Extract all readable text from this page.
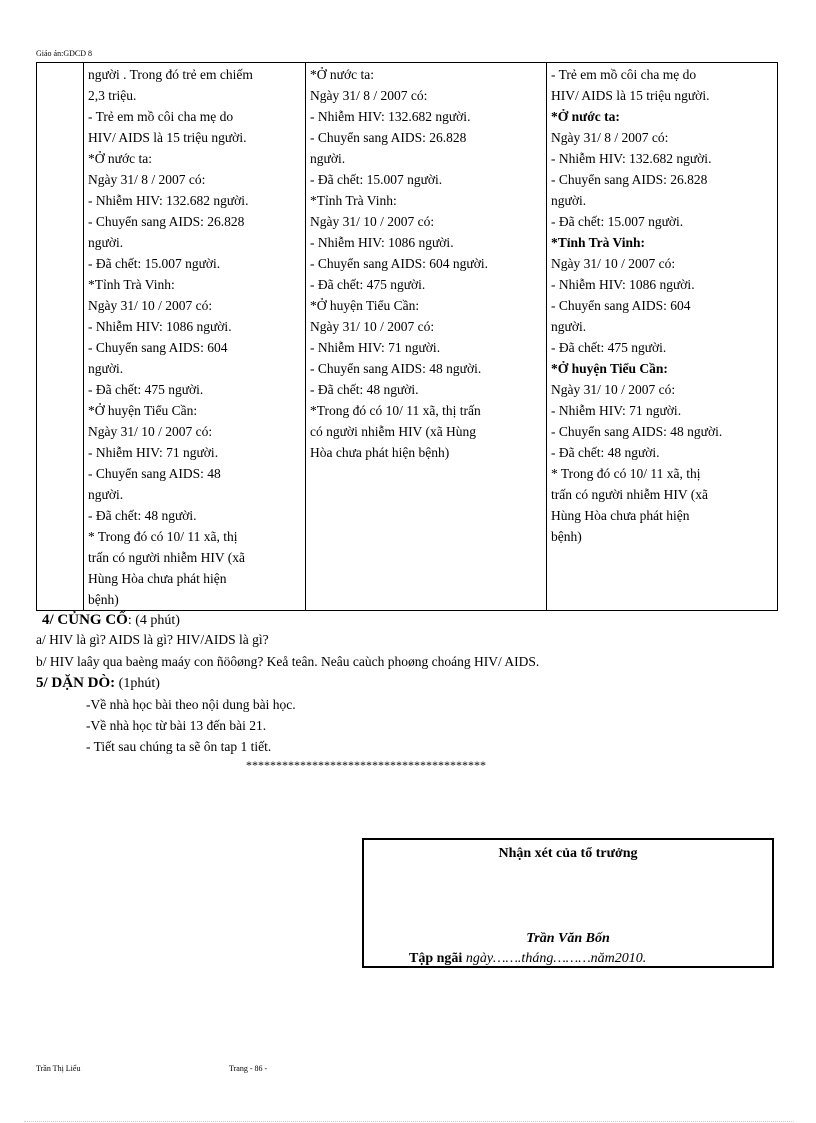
Giáo án:GDCD 8

người . Trong đó trẻ em chiếm
2,3 triệu.
- Trẻ em mồ côi cha mẹ do
HIV/ AIDS là 15 triệu người.
*Ở nước ta:
Ngày 31/ 8 / 2007 có:
- Nhiễm HIV: 132.682 người.
- Chuyển sang AIDS: 26.828
người.
- Đã chết: 15.007 người.
*Tỉnh Trà Vinh:
Ngày 31/ 10 / 2007 có:
- Nhiễm HIV: 1086 người.
- Chuyển sang AIDS: 604
người.
- Đã chết: 475 người.
*Ở huyện Tiểu Cần:
Ngày 31/ 10 / 2007 có:
- Nhiễm HIV: 71 người.
- Chuyển sang AIDS: 48
người.
- Đã chết: 48 người.
* Trong đó có 10/ 11 xã, thị
trấn có người nhiễm HIV (xã
Hùng Hòa chưa phát hiện
bệnh)

*Ở nước ta:
Ngày 31/ 8 / 2007 có:
- Nhiễm HIV: 132.682 người.
- Chuyển sang AIDS: 26.828
người.
- Đã chết: 15.007 người.
*Tỉnh Trà Vinh:
Ngày 31/ 10 / 2007 có:
- Nhiễm HIV: 1086 người.
- Chuyển sang AIDS: 604 người.
- Đã chết: 475 người.
*Ở huyện Tiểu Cần:
Ngày 31/ 10 / 2007 có:
- Nhiễm HIV: 71 người.
- Chuyển sang AIDS: 48 người.
- Đã chết: 48 người.
*Trong đó có 10/ 11 xã, thị trấn
có người nhiễm HIV (xã Hùng
Hòa chưa phát hiện bệnh)

- Trẻ em mồ côi cha mẹ do
HIV/ AIDS là 15 triệu người.
*Ở nước ta:
Ngày 31/ 8 / 2007 có:
- Nhiễm HIV: 132.682 người.
- Chuyển sang AIDS: 26.828
người.
- Đã chết: 15.007 người.
*Tỉnh Trà Vinh:
Ngày 31/ 10 / 2007 có:
- Nhiễm HIV: 1086 người.
- Chuyển sang AIDS: 604
người.
- Đã chết: 475 người.
*Ở huyện Tiểu Cần:
Ngày 31/ 10 / 2007 có:
- Nhiễm HIV: 71 người.
- Chuyển sang AIDS: 48 người.
- Đã chết: 48 người.
* Trong đó có 10/ 11 xã, thị
trấn có người nhiễm HIV (xã
Hùng Hòa chưa phát hiện
bệnh)
4/ CỦNG CỐ: (4 phút)
a/ HIV là gì? AIDS là gì? HIV/AIDS là gì?
b/ HIV laây qua baèng maáy con ñöôøng? Keå teân. Neâu caùch phoøng choáng HIV/ AIDS.
5/ DẶN DÒ: (1phút)
-Về nhà học bài theo nội dung bài học.
-Về nhà học từ bài 13 đến bài 21.
- Tiết sau chúng ta sẽ ôn tap 1 tiết.
****************************************
Nhận xét của tổ trưởng
Trần Văn Bốn
Tập ngãi ngày…….tháng………năm2010.
Trần Thị Liểu	Trang - 86 -
